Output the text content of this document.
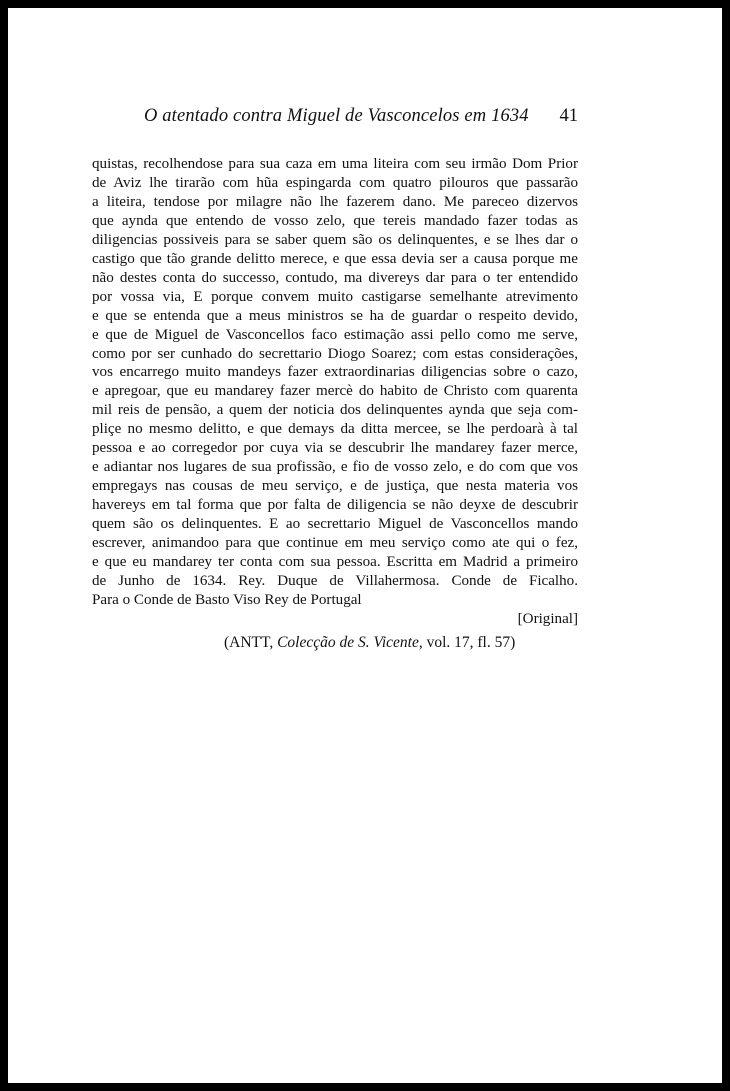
O atentado contra Miguel de Vasconcelos em 1634 41
quistas, recolhendose para sua caza em uma liteira com seu irmão Dom Prior
de Aviz lhe tirarão com hũa espingarda com quatro pilouros que passarão
a liteira, tendose por milagre não lhe fazerem dano. Me pareceo dizervos
que aynda que entendo de vosso zelo, que tereis mandado fazer todas as
diligencias possiveis para se saber quem são os delinquentes, e se lhes dar o
castigo que tão grande delitto merece, e que essa devia ser a causa porque me
não destes conta do successo, contudo, ma divereys dar para o ter entendido
por vossa via, E porque convem muito castigarse semelhante atrevimento
e que se entenda que a meus ministros se ha de guardar o respeito devido,
e que de Miguel de Vasconcellos faco estimação assi pello como me serve,
como por ser cunhado do secrettario Diogo Soarez; com estas considerações,
vos encarrego muito mandeys fazer extraordinarias diligencias sobre o cazo,
e apregoar, que eu mandarey fazer mercè do habito de Christo com quarenta
mil reis de pensão, a quem der noticia dos delinquentes aynda que seja com-
pliçe no mesmo delitto, e que demays da ditta mercee, se lhe perdoarà à tal
pessoa e ao corregedor por cuya via se descubrir lhe mandarey fazer merce,
e adiantar nos lugares de sua profissão, e fio de vosso zelo, e do com que vos
empregays nas cousas de meu serviço, e de justiça, que nesta materia vos
havereys em tal forma que por falta de diligencia se não deyxe de descubrir
quem são os delinquentes. E ao secrettario Miguel de Vasconcellos mando
escrever, animandoo para que continue em meu serviço como ate qui o fez,
e que eu mandarey ter conta com sua pessoa. Escritta em Madrid a primeiro
de Junho de 1634. Rey. Duque de Villahermosa. Conde de Ficalho.
Para o Conde de Basto Viso Rey de Portugal
[Original]
(ANTT, Colecção de S. Vicente, vol. 17, fl. 57)
